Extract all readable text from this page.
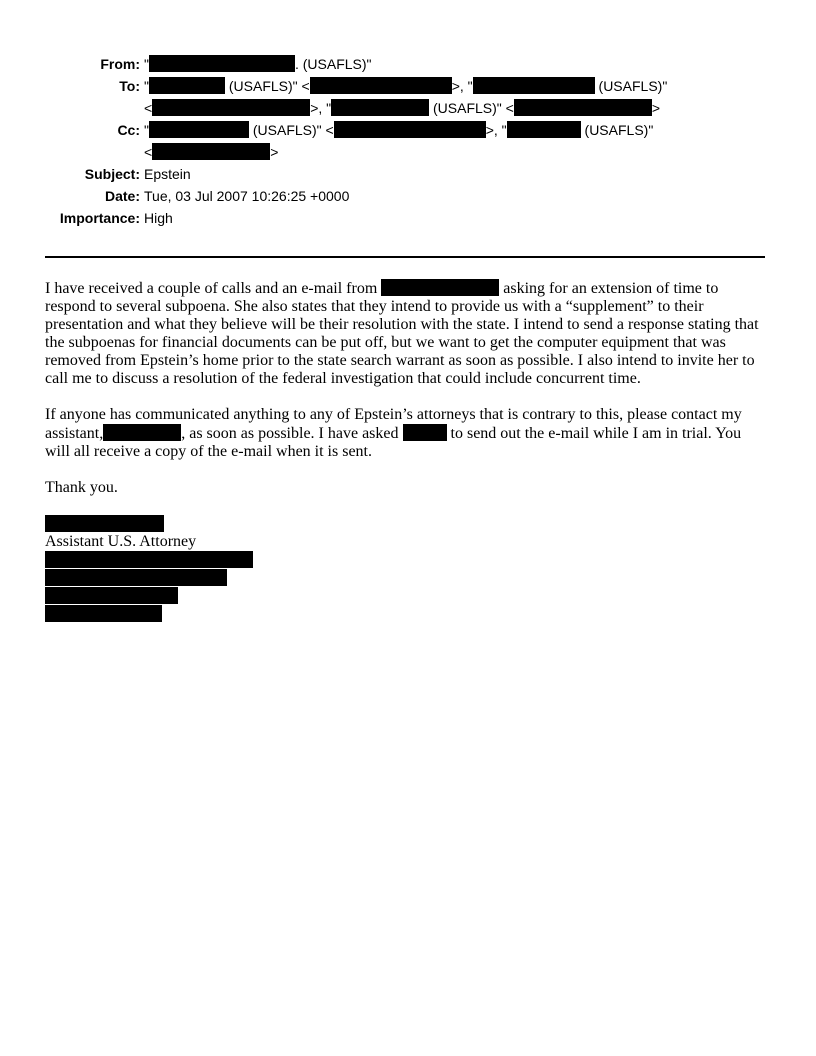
From: "	. (USAFLS)"
To: "	(USAFLS)" <	>, "	(USAFLS)"
<	>, "	(USAFLS)" <	>
Cc: "	(USAFLS)" <	>, "	(USAFLS)"
<	>
Subject: Epstein
Date: Tue, 03 Jul 2007 10:26:25 +0000
Importance: High

I have received a couple of calls and an e-mail from	asking for an extension of time to respond to several subpoena. She also states that they intend to provide us with a “supplement” to their presentation and what they believe will be their resolution with the state. I intend to send a response stating that the subpoenas for financial documents can be put off, but we want to get the computer equipment that was removed from Epstein’s home prior to the state search warrant as soon as possible. I also intend to invite her to call me to discuss a resolution of the federal investigation that could include concurrent time.

If anyone has communicated anything to any of Epstein’s attorneys that is contrary to this, please contact my assistant,	, as soon as possible. I have asked	to send out the e-mail while I am in trial. You will all receive a copy of the e-mail when it is sent.

Thank you.

Assistant U.S. Attorney
